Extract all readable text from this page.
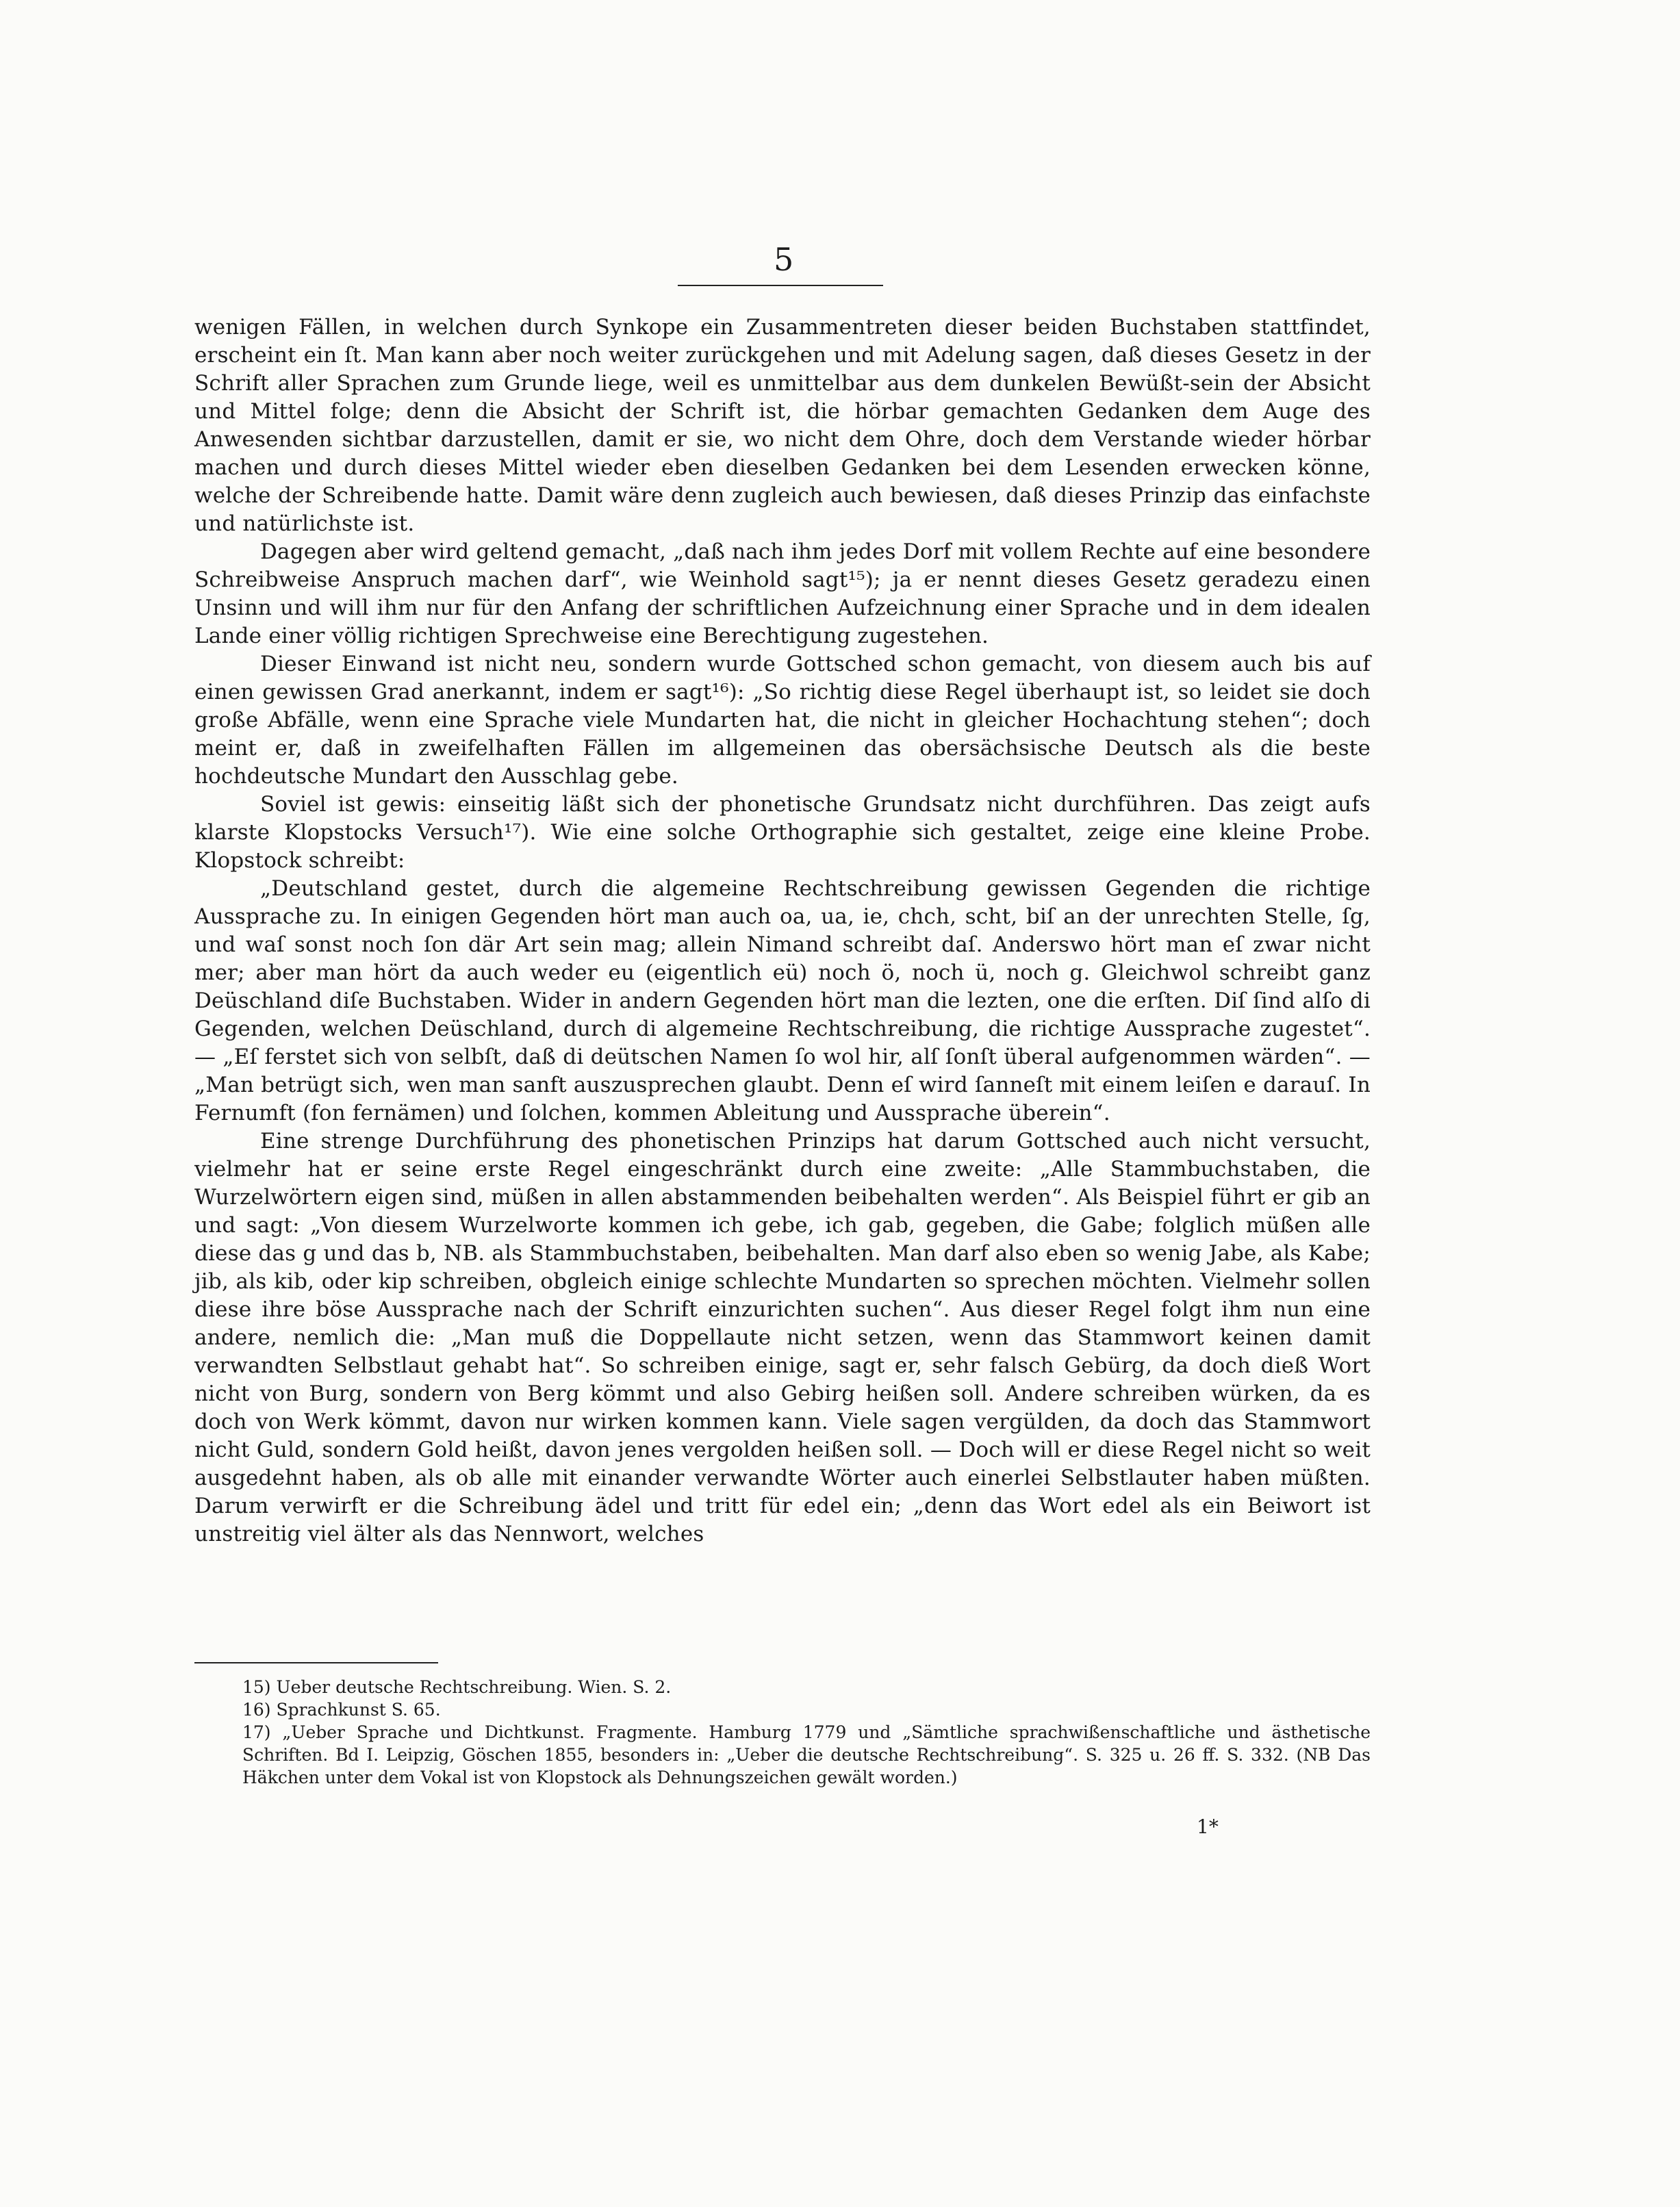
5

wenigen Fällen, in welchen durch Synkope ein Zusammentreten dieser beiden Buchstaben stattfindet, erscheint ein ſt. Man kann aber noch weiter zurückgehen und mit Adelung sagen, daß dieses Gesetz in der Schrift aller Sprachen zum Grunde liege, weil es unmittelbar aus dem dunkelen Bewüßt-sein der Absicht und Mittel folge; denn die Absicht der Schrift ist, die hörbar gemachten Gedanken dem Auge des Anwesenden sichtbar darzustellen, damit er sie, wo nicht dem Ohre, doch dem Verstande wieder hörbar machen und durch dieses Mittel wieder eben dieselben Gedanken bei dem Lesenden erwecken könne, welche der Schreibende hatte. Damit wäre denn zugleich auch bewiesen, daß dieses Prinzip das einfachste und natürlichste ist.

Dagegen aber wird geltend gemacht, „daß nach ihm jedes Dorf mit vollem Rechte auf eine besondere Schreibweise Anspruch machen darf“, wie Weinhold sagt¹⁵); ja er nennt dieses Gesetz geradezu einen Unsinn und will ihm nur für den Anfang der schriftlichen Aufzeichnung einer Sprache und in dem idealen Lande einer völlig richtigen Sprechweise eine Berechtigung zugestehen.

Dieser Einwand ist nicht neu, sondern wurde Gottsched schon gemacht, von diesem auch bis auf einen gewissen Grad anerkannt, indem er sagt¹⁶): „So richtig diese Regel überhaupt ist, so leidet sie doch große Abfälle, wenn eine Sprache viele Mundarten hat, die nicht in gleicher Hochachtung stehen“; doch meint er, daß in zweifelhaften Fällen im allgemeinen das obersächsische Deutsch als die beste hochdeutsche Mundart den Ausschlag gebe.

Soviel ist gewis: einseitig läßt sich der phonetische Grundsatz nicht durchführen. Das zeigt aufs klarste Klopstocks Versuch¹⁷). Wie eine solche Orthographie sich gestaltet, zeige eine kleine Probe. Klopstock schreibt:

„Deutschland gestet, durch die algemeine Rechtschreibung gewissen Gegenden die richtige Aussprache zu. In einigen Gegenden hört man auch oa, ua, ie, chch, scht, biſ an der unrechten Stelle, ſg, und waſ sonst noch ſon där Art sein mag; allein Nimand schreibt daſ. Anderswo hört man eſ zwar nicht mer; aber man hört da auch weder eu (eigentlich eü) noch ö, noch ü, noch g. Gleichwol schreibt ganz Deüschland diſe Buchstaben. Wider in andern Gegenden hört man die lezten, one die erſten. Diſ ſind alſo di Gegenden, welchen Deüschland, durch di algemeine Rechtschreibung, die richtige Aussprache zugestet“. — „Eſ ferstet sich von selbſt, daß di deütschen Namen ſo wol hir, alſ ſonſt überal aufgenommen wärden“. — „Man betrügt sich, wen man sanft auszusprechen glaubt. Denn eſ wird ſanneſt mit einem leiſen e darauſ. In Fernumft (fon fernämen) und ſolchen, kommen Ableitung und Aussprache überein“.

Eine strenge Durchführung des phonetischen Prinzips hat darum Gottsched auch nicht versucht, vielmehr hat er seine erste Regel eingeschränkt durch eine zweite: „Alle Stammbuchstaben, die Wurzelwörtern eigen sind, müßen in allen abstammenden beibehalten werden“. Als Beispiel führt er gib an und sagt: „Von diesem Wurzelworte kommen ich gebe, ich gab, gegeben, die Gabe; folglich müßen alle diese das g und das b, NB. als Stammbuchstaben, beibehalten. Man darf also eben so wenig Jabe, als Kabe; jib, als kib, oder kip schreiben, obgleich einige schlechte Mundarten so sprechen möchten. Vielmehr sollen diese ihre böse Aussprache nach der Schrift einzurichten suchen“. Aus dieser Regel folgt ihm nun eine andere, nemlich die: „Man muß die Doppellaute nicht setzen, wenn das Stammwort keinen damit verwandten Selbstlaut gehabt hat“. So schreiben einige, sagt er, sehr falsch Gebürg, da doch dieß Wort nicht von Burg, sondern von Berg kömmt und also Gebirg heißen soll. Andere schreiben würken, da es doch von Werk kömmt, davon nur wirken kommen kann. Viele sagen vergülden, da doch das Stammwort nicht Guld, sondern Gold heißt, davon jenes vergolden heißen soll. — Doch will er diese Regel nicht so weit ausgedehnt haben, als ob alle mit einander verwandte Wörter auch einerlei Selbstlauter haben müßten. Darum verwirft er die Schreibung ädel und tritt für edel ein; „denn das Wort edel als ein Beiwort ist unstreitig viel älter als das Nennwort, welches

15) Ueber deutsche Rechtschreibung. Wien. S. 2.

16) Sprachkunst S. 65.

17) „Ueber Sprache und Dichtkunst. Fragmente. Hamburg 1779 und „Sämtliche sprachwißenschaftliche und ästhetische Schriften. Bd I. Leipzig, Göschen 1855, besonders in: „Ueber die deutsche Rechtschreibung“. S. 325 u. 26 ff. S. 332. (NB Das Häkchen unter dem Vokal ist von Klopstock als Dehnungszeichen gewält worden.)

1*
